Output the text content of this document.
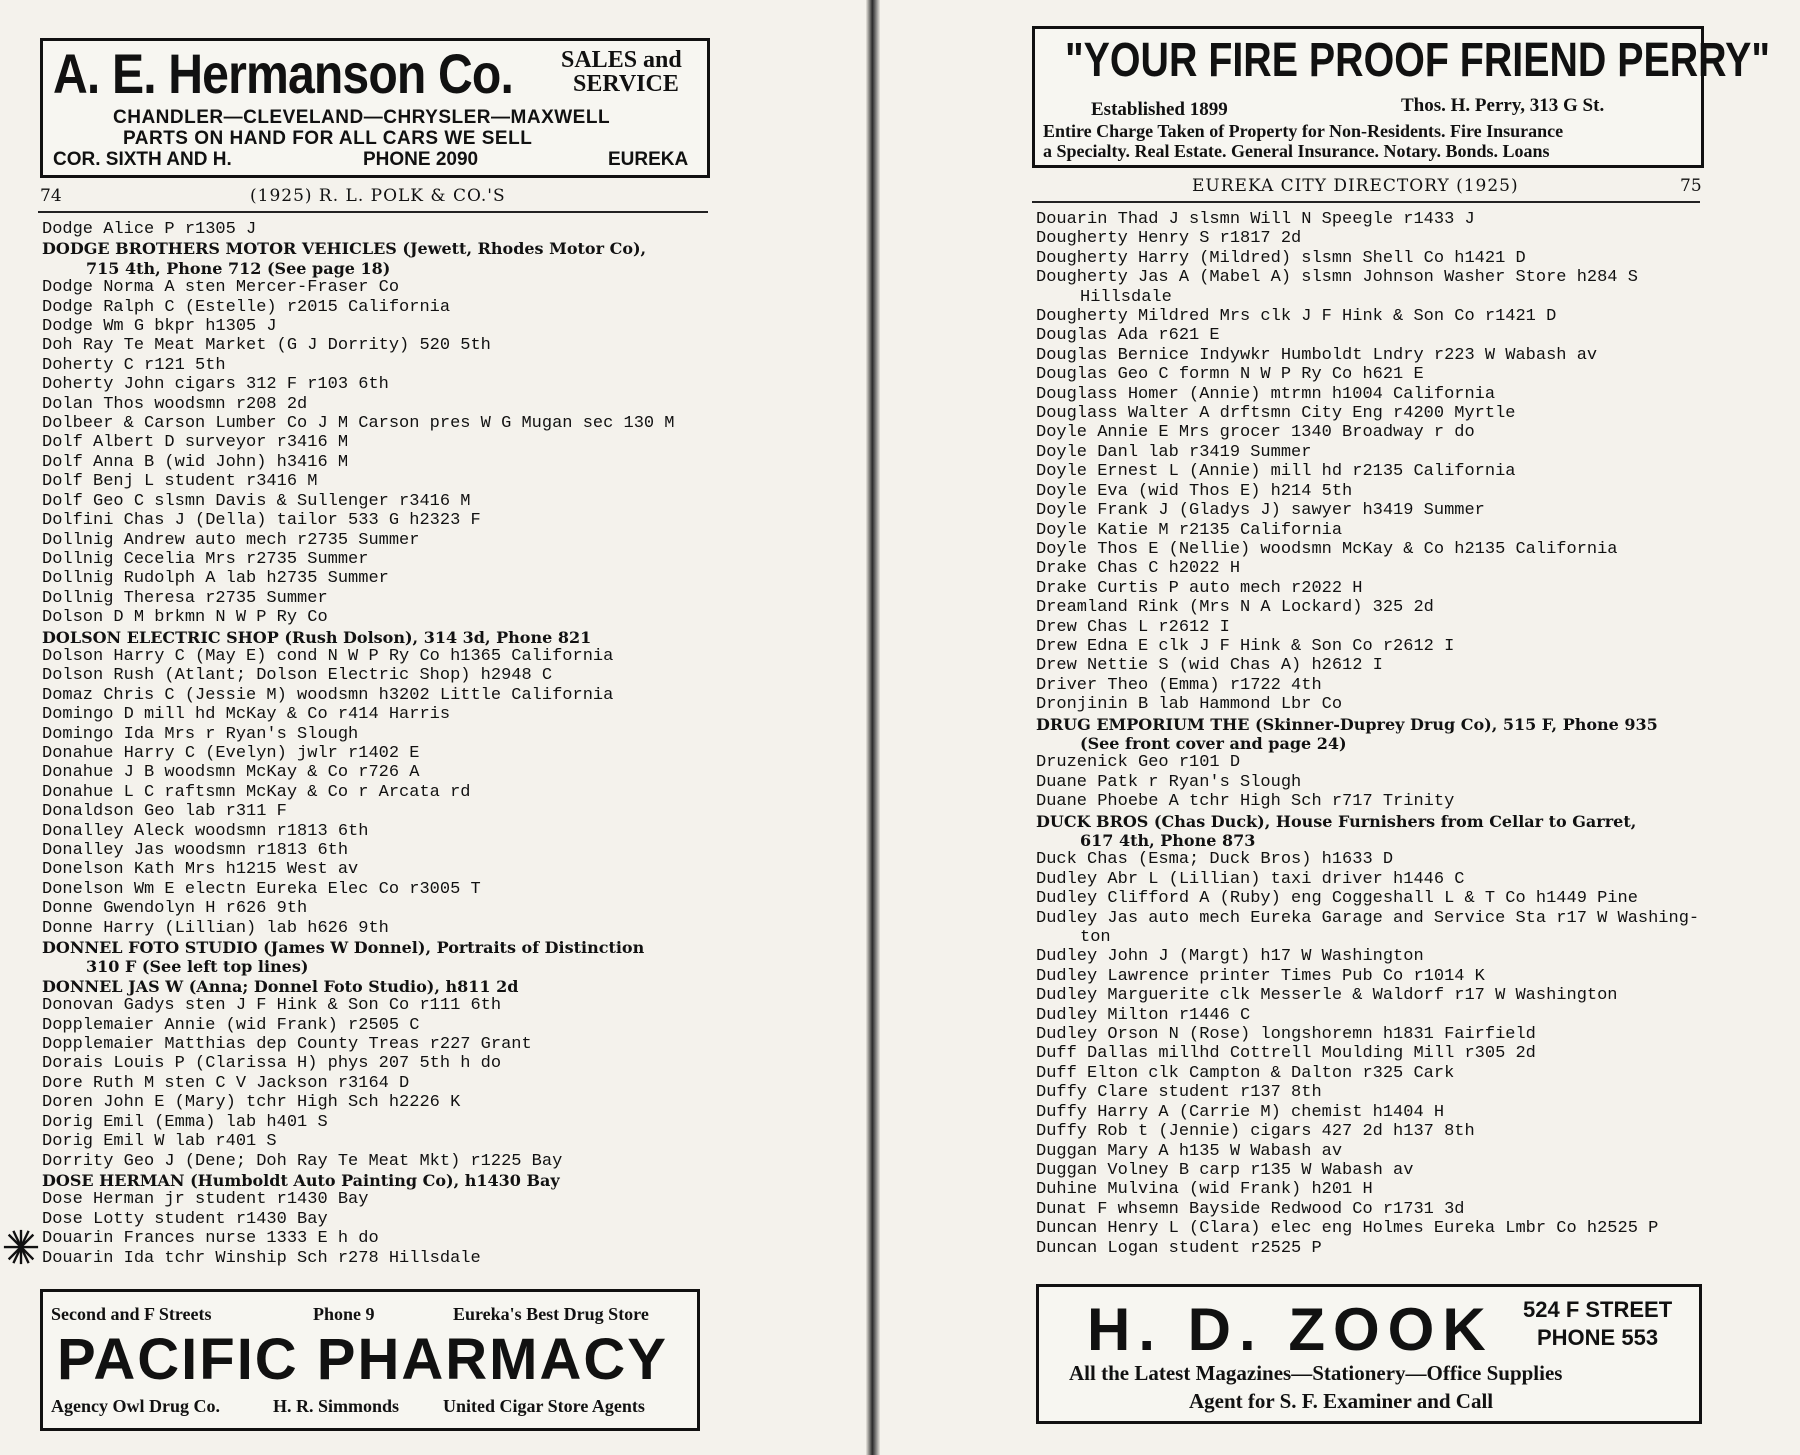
A. E. Hermanson Co. SALES and
SERVICE
CHANDLER—CLEVELAND—CHRYSLER—MAXWELL
PARTS ON HAND FOR ALL CARS WE SELL
COR. SIXTH AND H.	PHONE 2090	EUREKA
74	(1925) R. L. POLK & CO.'S
Dodge Alice P r1305 J
DODGE BROTHERS MOTOR VEHICLES (Jewett, Rhodes Motor Co),
715 4th, Phone 712 (See page 18)
Dodge Norma A sten Mercer-Fraser Co
Dodge Ralph C (Estelle) r2015 California
Dodge Wm G bkpr h1305 J
Doh Ray Te Meat Market (G J Dorrity) 520 5th
Doherty C r121 5th
Doherty John cigars 312 F r103 6th
Dolan Thos woodsmn r208 2d
Dolbeer & Carson Lumber Co J M Carson pres W G Mugan sec 130 M
Dolf Albert D surveyor r3416 M
Dolf Anna B (wid John) h3416 M
Dolf Benj L student r3416 M
Dolf Geo C slsmn Davis & Sullenger r3416 M
Dolfini Chas J (Della) tailor 533 G h2323 F
Dollnig Andrew auto mech r2735 Summer
Dollnig Cecelia Mrs r2735 Summer
Dollnig Rudolph A lab h2735 Summer
Dollnig Theresa r2735 Summer
Dolson D M brkmn N W P Ry Co
DOLSON ELECTRIC SHOP (Rush Dolson), 314 3d, Phone 821
Dolson Harry C (May E) cond N W P Ry Co h1365 California
Dolson Rush (Atlant; Dolson Electric Shop) h2948 C
Domaz Chris C (Jessie M) woodsmn h3202 Little California
Domingo D mill hd McKay & Co r414 Harris
Domingo Ida Mrs r Ryan's Slough
Donahue Harry C (Evelyn) jwlr r1402 E
Donahue J B woodsmn McKay & Co r726 A
Donahue L C raftsmn McKay & Co r Arcata rd
Donaldson Geo lab r311 F
Donalley Aleck woodsmn r1813 6th
Donalley Jas woodsmn r1813 6th
Donelson Kath Mrs h1215 West av
Donelson Wm E electn Eureka Elec Co r3005 T
Donne Gwendolyn H r626 9th
Donne Harry (Lillian) lab h626 9th
DONNEL FOTO STUDIO (James W Donnel), Portraits of Distinction
310 F (See left top lines)
DONNEL JAS W (Anna; Donnel Foto Studio), h811 2d
Donovan Gadys sten J F Hink & Son Co r111 6th
Dopplemaier Annie (wid Frank) r2505 C
Dopplemaier Matthias dep County Treas r227 Grant
Dorais Louis P (Clarissa H) phys 207 5th h do
Dore Ruth M sten C V Jackson r3164 D
Doren John E (Mary) tchr High Sch h2226 K
Dorig Emil (Emma) lab h401 S
Dorig Emil W lab r401 S
Dorrity Geo J (Dene; Doh Ray Te Meat Mkt) r1225 Bay
DOSE HERMAN (Humboldt Auto Painting Co), h1430 Bay
Dose Herman jr student r1430 Bay
Dose Lotty student r1430 Bay
Douarin Frances nurse 1333 E h do
Douarin Ida tchr Winship Sch r278 Hillsdale
Second and F Streets	Phone 9	Eureka's Best Drug Store
PACIFIC PHARMACY
Agency Owl Drug Co.	H. R. Simmonds United Cigar Store Agents
"YOUR FIRE PROOF FRIEND PERRY"
Established 1899	Thos. H. Perry, 313 G St.
Entire Charge Taken of Property for Non-Residents. Fire Insurance
a Specialty. Real Estate. General Insurance. Notary. Bonds. Loans
EUREKA CITY DIRECTORY (1925)	75
Douarin Thad J slsmn Will N Speegle r1433 J
Dougherty Henry S r1817 2d
Dougherty Harry (Mildred) slsmn Shell Co h1421 D
Dougherty Jas A (Mabel A) slsmn Johnson Washer Store h284 S
Hillsdale
Dougherty Mildred Mrs clk J F Hink & Son Co r1421 D
Douglas Ada r621 E
Douglas Bernice Indywkr Humboldt Lndry r223 W Wabash av
Douglas Geo C formn N W P Ry Co h621 E
Douglass Homer (Annie) mtrmn h1004 California
Douglass Walter A drftsmn City Eng r4200 Myrtle
Doyle Annie E Mrs grocer 1340 Broadway r do
Doyle Danl lab r3419 Summer
Doyle Ernest L (Annie) mill hd r2135 California
Doyle Eva (wid Thos E) h214 5th
Doyle Frank J (Gladys J) sawyer h3419 Summer
Doyle Katie M r2135 California
Doyle Thos E (Nellie) woodsmn McKay & Co h2135 California
Drake Chas C h2022 H
Drake Curtis P auto mech r2022 H
Dreamland Rink (Mrs N A Lockard) 325 2d
Drew Chas L r2612 I
Drew Edna E clk J F Hink & Son Co r2612 I
Drew Nettie S (wid Chas A) h2612 I
Driver Theo (Emma) r1722 4th
Dronjinin B lab Hammond Lbr Co
DRUG EMPORIUM THE (Skinner-Duprey Drug Co), 515 F, Phone 935
(See front cover and page 24)
Druzenick Geo r101 D
Duane Patk r Ryan's Slough
Duane Phoebe A tchr High Sch r717 Trinity
DUCK BROS (Chas Duck), House Furnishers from Cellar to Garret,
617 4th, Phone 873
Duck Chas (Esma; Duck Bros) h1633 D
Dudley Abr L (Lillian) taxi driver h1446 C
Dudley Clifford A (Ruby) eng Coggeshall L & T Co h1449 Pine
Dudley Jas auto mech Eureka Garage and Service Sta r17 W Washing-
ton
Dudley John J (Margt) h17 W Washington
Dudley Lawrence printer Times Pub Co r1014 K
Dudley Marguerite clk Messerle & Waldorf r17 W Washington
Dudley Milton r1446 C
Dudley Orson N (Rose) longshoremn h1831 Fairfield
Duff Dallas millhd Cottrell Moulding Mill r305 2d
Duff Elton clk Campton & Dalton r325 Cark
Duffy Clare student r137 8th
Duffy Harry A (Carrie M) chemist h1404 H
Duffy Rob t (Jennie) cigars 427 2d h137 8th
Duggan Mary A h135 W Wabash av
Duggan Volney B carp r135 W Wabash av
Duhine Mulvina (wid Frank) h201 H
Dunat F whsemn Bayside Redwood Co r1731 3d
Duncan Henry L (Clara) elec eng Holmes Eureka Lmbr Co h2525 P
Duncan Logan student r2525 P
H. D. ZOOK 524 F STREET
PHONE 553
All the Latest Magazines—Stationery—Office Supplies
Agent for S. F. Examiner and Call
